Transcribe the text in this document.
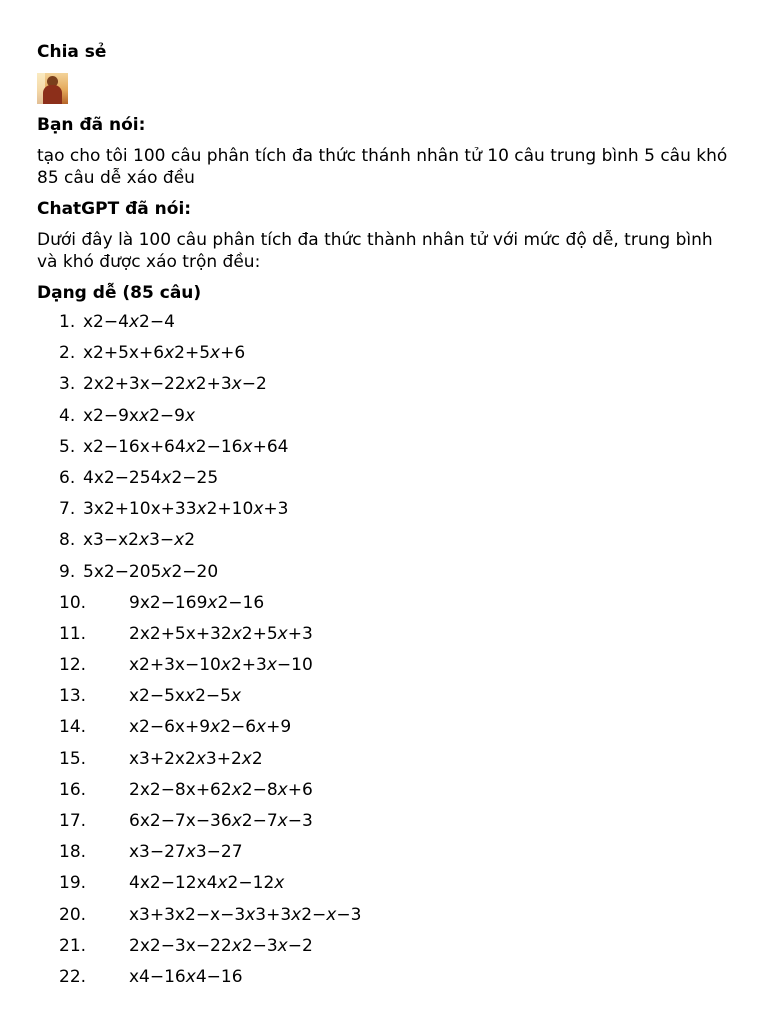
Chia sẻ
Bạn đã nói:
tạo cho tôi 100 câu phân tích đa thức thánh nhân tử 10 câu trung bình 5 câu khó 85 câu dễ xáo đều
ChatGPT đã nói:
Dưới đây là 100 câu phân tích đa thức thành nhân tử với mức độ dễ, trung bình và khó được xáo trộn đều:
Dạng dễ (85 câu)
1. x2−4x2−4
2. x2+5x+6x2+5x+6
3. 2x2+3x−22x2+3x−2
4. x2−9xx2−9x
5. x2−16x+64x2−16x+64
6. 4x2−254x2−25
7. 3x2+10x+33x2+10x+3
8. x3−x2x3−x2
9. 5x2−205x2−20
10.	9x2−169x2−16
11.	2x2+5x+32x2+5x+3
12.	x2+3x−10x2+3x−10
13.	x2−5xx2−5x
14.	x2−6x+9x2−6x+9
15.	x3+2x2x3+2x2
16.	2x2−8x+62x2−8x+6
17.	6x2−7x−36x2−7x−3
18.	x3−27x3−27
19.	4x2−12x4x2−12x
20.	x3+3x2−x−3x3+3x2−x−3
21.	2x2−3x−22x2−3x−2
22.	x4−16x4−16
